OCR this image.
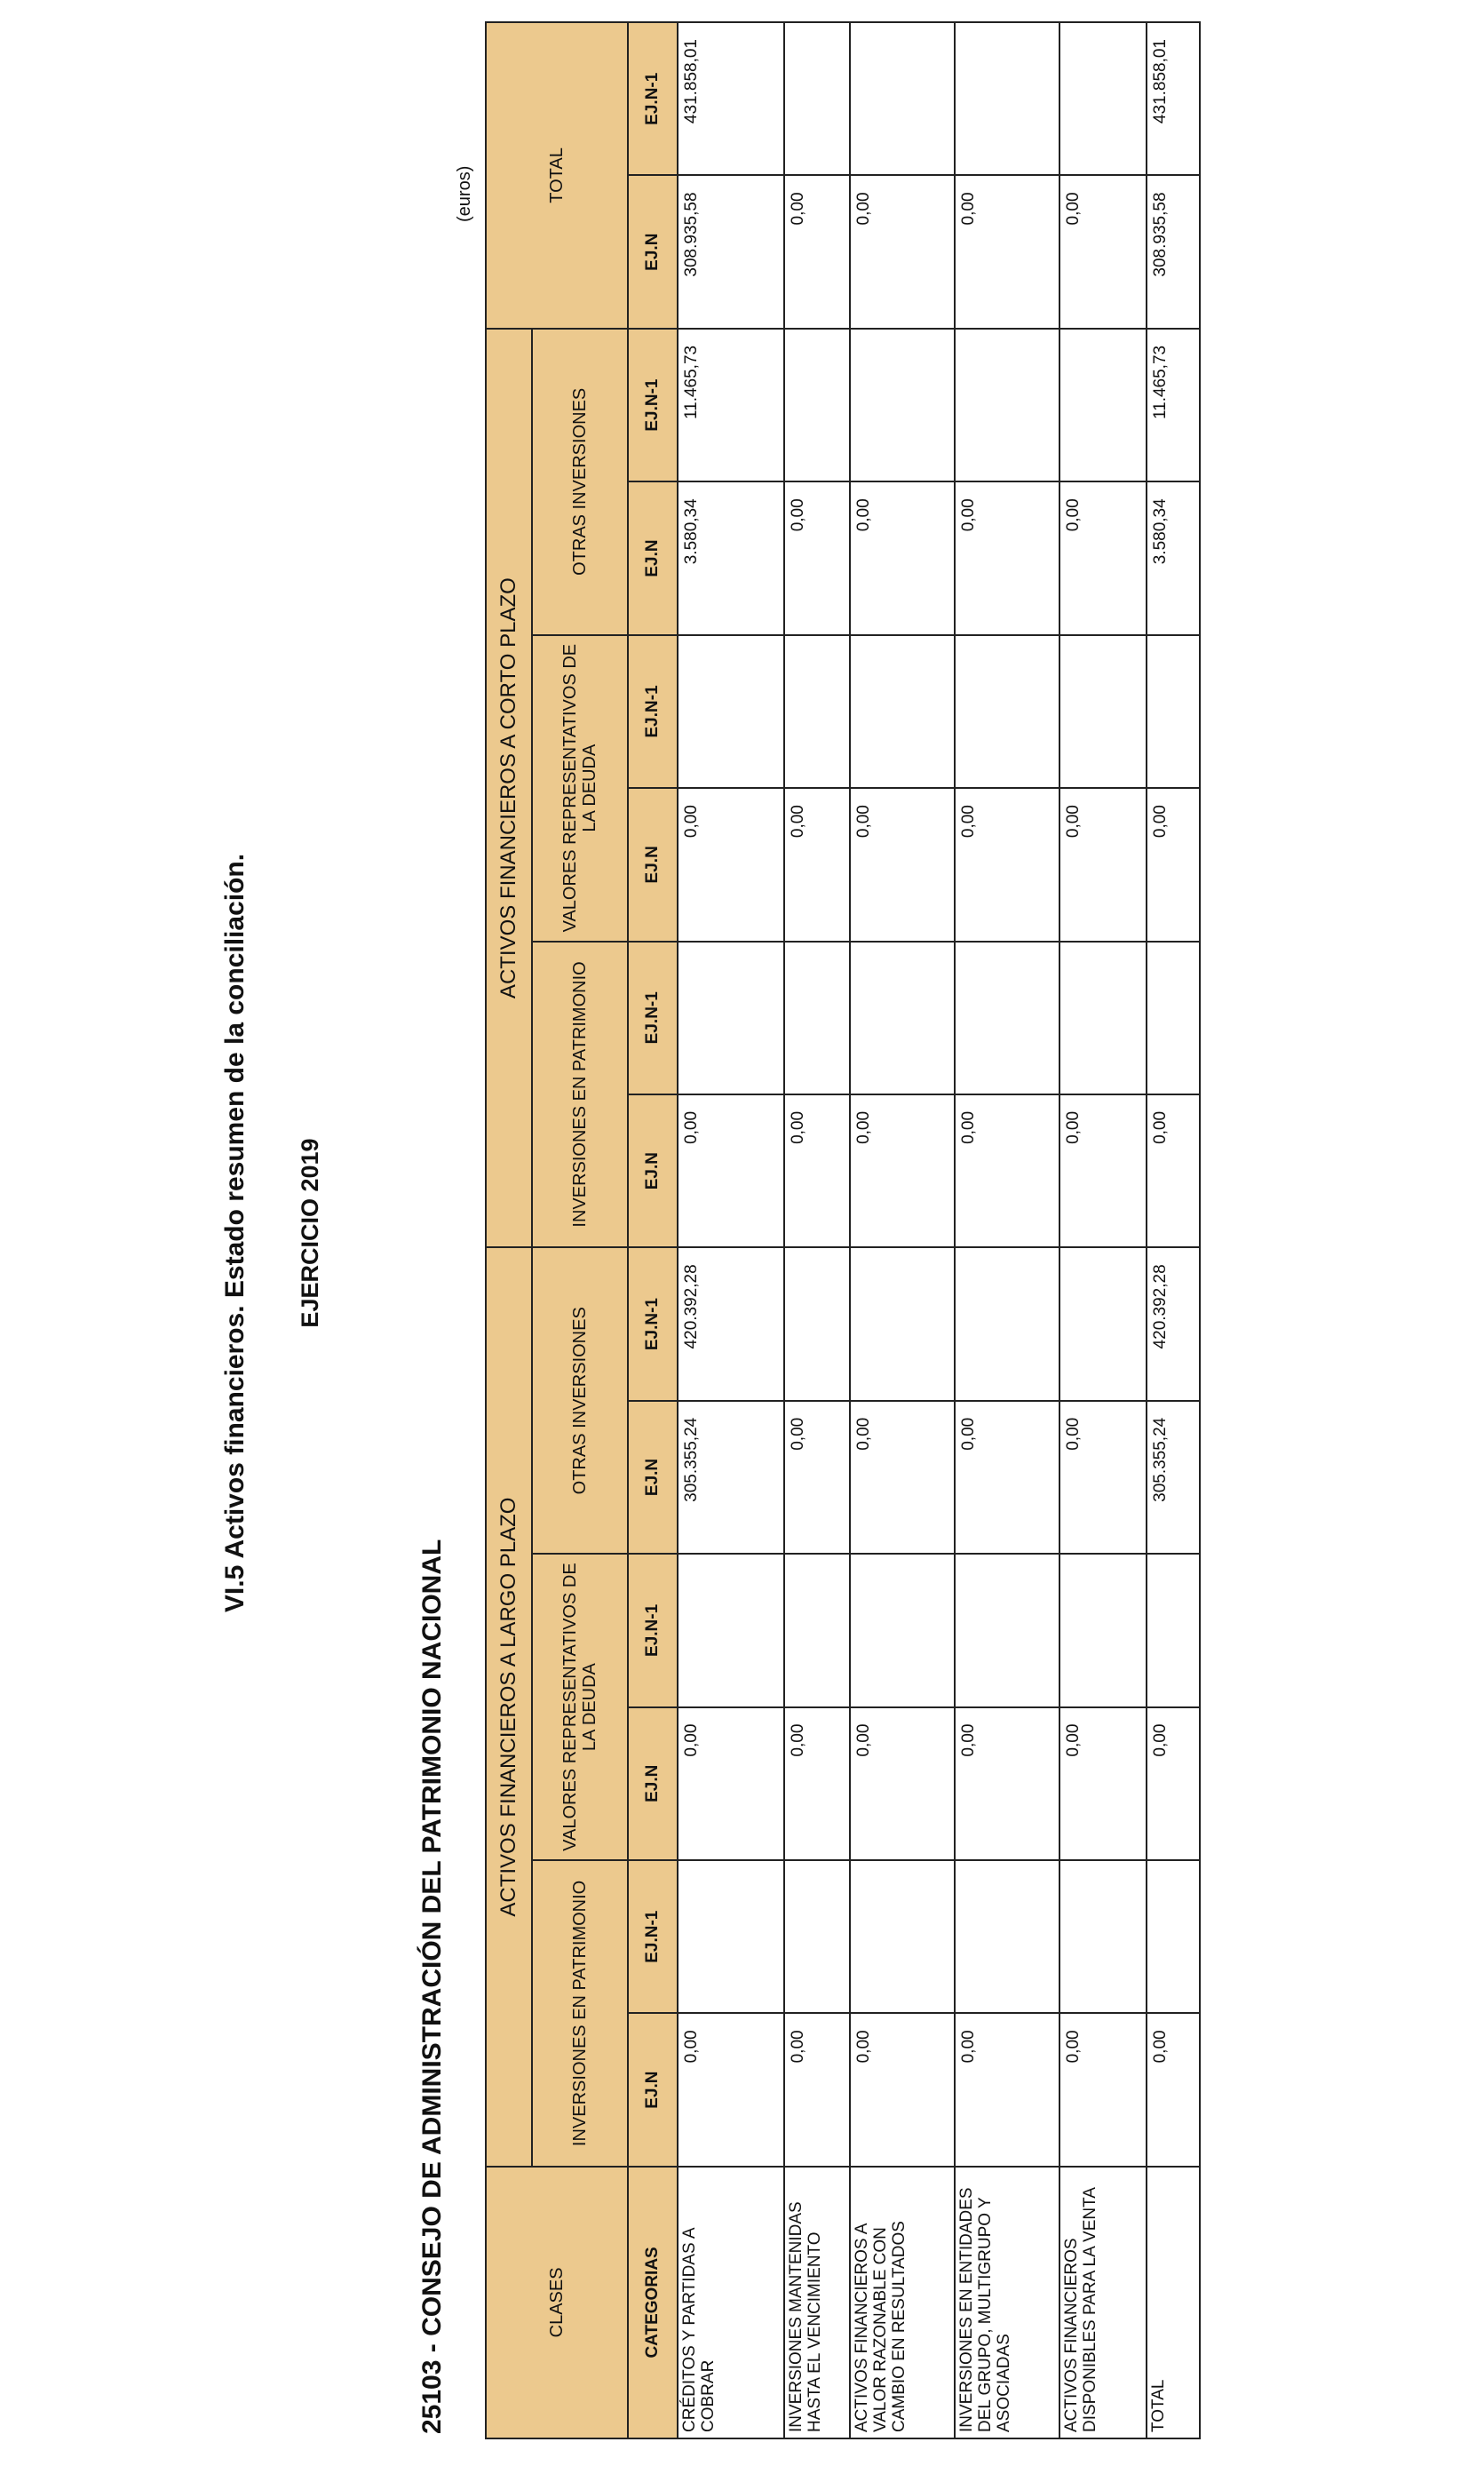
VI.5 Activos financieros. Estado resumen de la conciliación. EJERCICIO 2019
25103 - CONSEJO DE ADMINISTRACIÓN DEL PATRIMONIO NACIONAL
(euros)
CLASES	ACTIVOS FINANCIEROS A LARGO PLAZO						ACTIVOS FINANCIEROS A CORTO PLAZO						TOTAL	
	INVERSIONES EN PATRIMONIO		VALORES REPRESENTATIVOS DE LA DEUDA		OTRAS INVERSIONES		INVERSIONES EN PATRIMONIO		VALORES REPRESENTATIVOS DE LA DEUDA		OTRAS INVERSIONES			
CATEGORIAS	EJ.N	EJ.N-1	EJ.N	EJ.N-1	EJ.N	EJ.N-1	EJ.N	EJ.N-1	EJ.N	EJ.N-1	EJ.N	EJ.N-1	EJ.N	EJ.N-1
CRÉDITOS Y PARTIDAS A COBRAR	0,00		0,00		305.355,24	420.392,28	0,00		0,00		3.580,34	11.465,73	308.935,58	431.858,01
INVERSIONES MANTENIDAS HASTA EL VENCIMIENTO	0,00		0,00		0,00		0,00		0,00		0,00		0,00	
ACTIVOS FINANCIEROS A VALOR RAZONABLE CON CAMBIO EN RESULTADOS	0,00		0,00		0,00		0,00		0,00		0,00		0,00	
INVERSIONES EN ENTIDADES DEL GRUPO, MULTIGRUPO Y ASOCIADAS	0,00		0,00		0,00		0,00		0,00		0,00		0,00	
ACTIVOS FINANCIEROS DISPONIBLES PARA LA VENTA	0,00		0,00		0,00		0,00		0,00		0,00		0,00	
TOTAL	0,00		0,00		305.355,24	420.392,28	0,00		0,00		3.580,34	11.465,73	308.935,58	431.858,01
